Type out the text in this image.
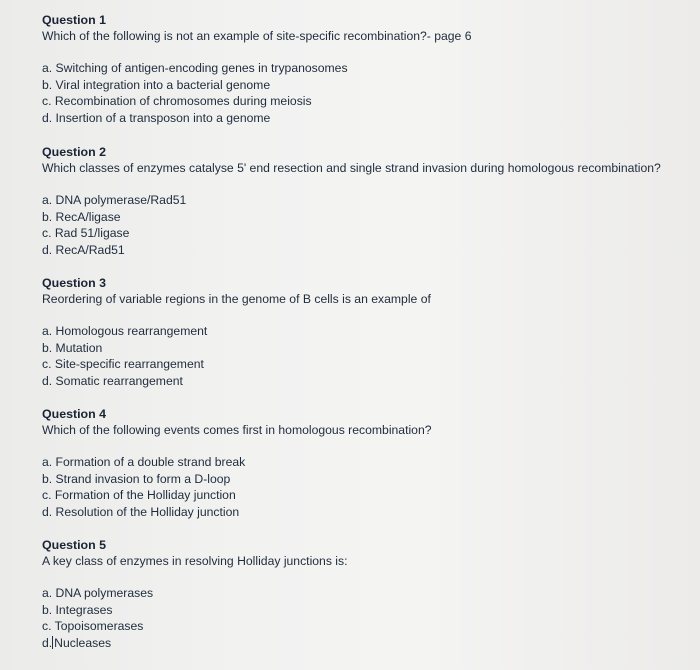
Question 1
Which of the following is not an example of site-specific recombination?- page 6
a. Switching of antigen-encoding genes in trypanosomes
b. Viral integration into a bacterial genome
c. Recombination of chromosomes during meiosis
d. Insertion of a transposon into a genome
Question 2
Which classes of enzymes catalyse 5' end resection and single strand invasion during homologous recombination?
a. DNA polymerase/Rad51
b. RecA/ligase
c. Rad 51/ligase
d. RecA/Rad51
Question 3
Reordering of variable regions in the genome of B cells is an example of
a. Homologous rearrangement
b. Mutation
c. Site-specific rearrangement
d. Somatic rearrangement
Question 4
Which of the following events comes first in homologous recombination?
a. Formation of a double strand break
b. Strand invasion to form a D-loop
c. Formation of the Holliday junction
d. Resolution of the Holliday junction
Question 5
A key class of enzymes in resolving Holliday junctions is:
a. DNA polymerases
b. Integrases
c. Topoisomerases
d. Nucleases
